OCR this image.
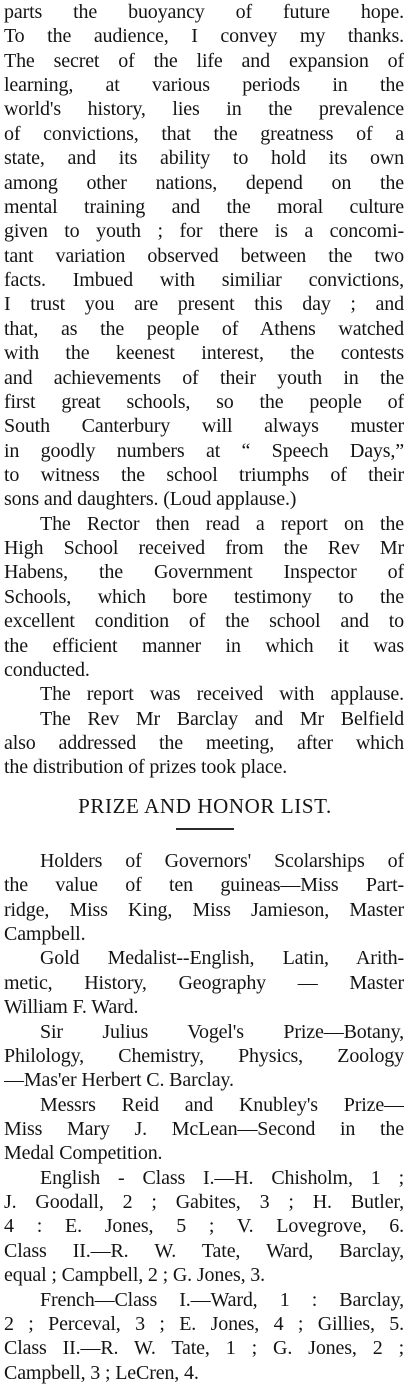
parts the buoyancy of future hope.
To the audience, I convey my thanks.
The secret of the life and expansion of
learning, at various periods in the
world's history, lies in the prevalence
of convictions, that the greatness of a
state, and its ability to hold its own
among other nations, depend on the
mental training and the moral culture
given to youth ; for there is a concomi-
tant variation observed between the two
facts. Imbued with similiar convictions,
I trust you are present this day ; and
that, as the people of Athens watched
with the keenest interest, the contests
and achievements of their youth in the
first great schools, so the people of
South Canterbury will always muster
in goodly numbers at “ Speech Days,”
to witness the school triumphs of their
sons and daughters. (Loud applause.)
The Rector then read a report on the
High School received from the Rev Mr
Habens, the Government Inspector of
Schools, which bore testimony to the
excellent condition of the school and to
the efficient manner in which it was
conducted.
The report was received with applause.
The Rev Mr Barclay and Mr Belfield
also addressed the meeting, after which
the distribution of prizes took place.
PRIZE AND HONOR LIST.
Holders of Governors' Scolarships of
the value of ten guineas—Miss Part-
ridge, Miss King, Miss Jamieson, Master
Campbell.
Gold Medalist--English, Latin, Arith-
metic, History, Geography — Master
William F. Ward.
Sir Julius Vogel's Prize—Botany,
Philology, Chemistry, Physics, Zoology
—Mas'er Herbert C. Barclay.
Messrs Reid and Knubley's Prize—
Miss Mary J. McLean—Second in the
Medal Competition.
English - Class I.—H. Chisholm, 1 ;
J. Goodall, 2 ; Gabites, 3 ; H. Butler,
4 : E. Jones, 5 ; V. Lovegrove, 6.
Class II.—R. W. Tate, Ward, Barclay,
equal ; Campbell, 2 ; G. Jones, 3.
French—Class I.—Ward, 1 : Barclay,
2 ; Perceval, 3 ; E. Jones, 4 ; Gillies, 5.
Class II.—R. W. Tate, 1 ; G. Jones, 2 ;
Campbell, 3 ; LeCren, 4.
